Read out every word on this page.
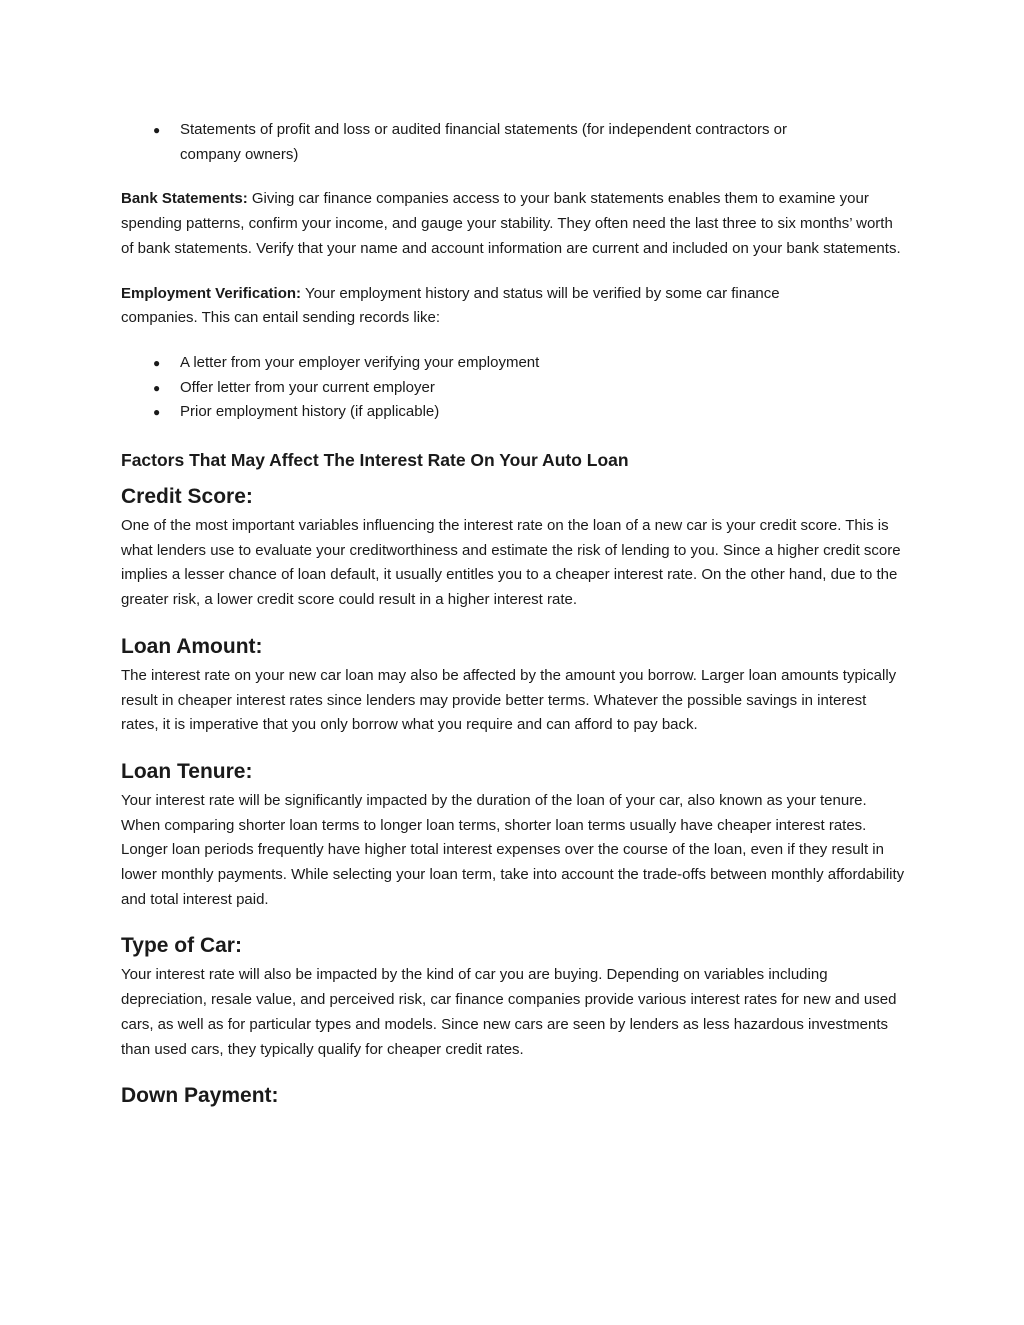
● Statements of profit and loss or audited financial statements (for independent contractors or company owners)

Bank Statements: Giving car finance companies access to your bank statements enables them to examine your spending patterns, confirm your income, and gauge your stability. They often need the last three to six months’ worth of bank statements. Verify that your name and account information are current and included on your bank statements.

Employment Verification: Your employment history and status will be verified by some car finance companies. This can entail sending records like:

● A letter from your employer verifying your employment
● Offer letter from your current employer
● Prior employment history (if applicable)
Factors That May Affect The Interest Rate On Your Auto Loan
Credit Score:

One of the most important variables influencing the interest rate on the loan of a new car is your credit score. This is what lenders use to evaluate your creditworthiness and estimate the risk of lending to you. Since a higher credit score implies a lesser chance of loan default, it usually entitles you to a cheaper interest rate. On the other hand, due to the greater risk, a lower credit score could result in a higher interest rate.

Loan Amount:

The interest rate on your new car loan may also be affected by the amount you borrow. Larger loan amounts typically result in cheaper interest rates since lenders may provide better terms. Whatever the possible savings in interest rates, it is imperative that you only borrow what you require and can afford to pay back.

Loan Tenure:

Your interest rate will be significantly impacted by the duration of the loan of your car, also known as your tenure. When comparing shorter loan terms to longer loan terms, shorter loan terms usually have cheaper interest rates. Longer loan periods frequently have higher total interest expenses over the course of the loan, even if they result in lower monthly payments. While selecting your loan term, take into account the trade-offs between monthly affordability and total interest paid.

Type of Car:

Your interest rate will also be impacted by the kind of car you are buying. Depending on variables including depreciation, resale value, and perceived risk, car finance companies provide various interest rates for new and used cars, as well as for particular types and models. Since new cars are seen by lenders as less hazardous investments than used cars, they typically qualify for cheaper credit rates.

Down Payment:
